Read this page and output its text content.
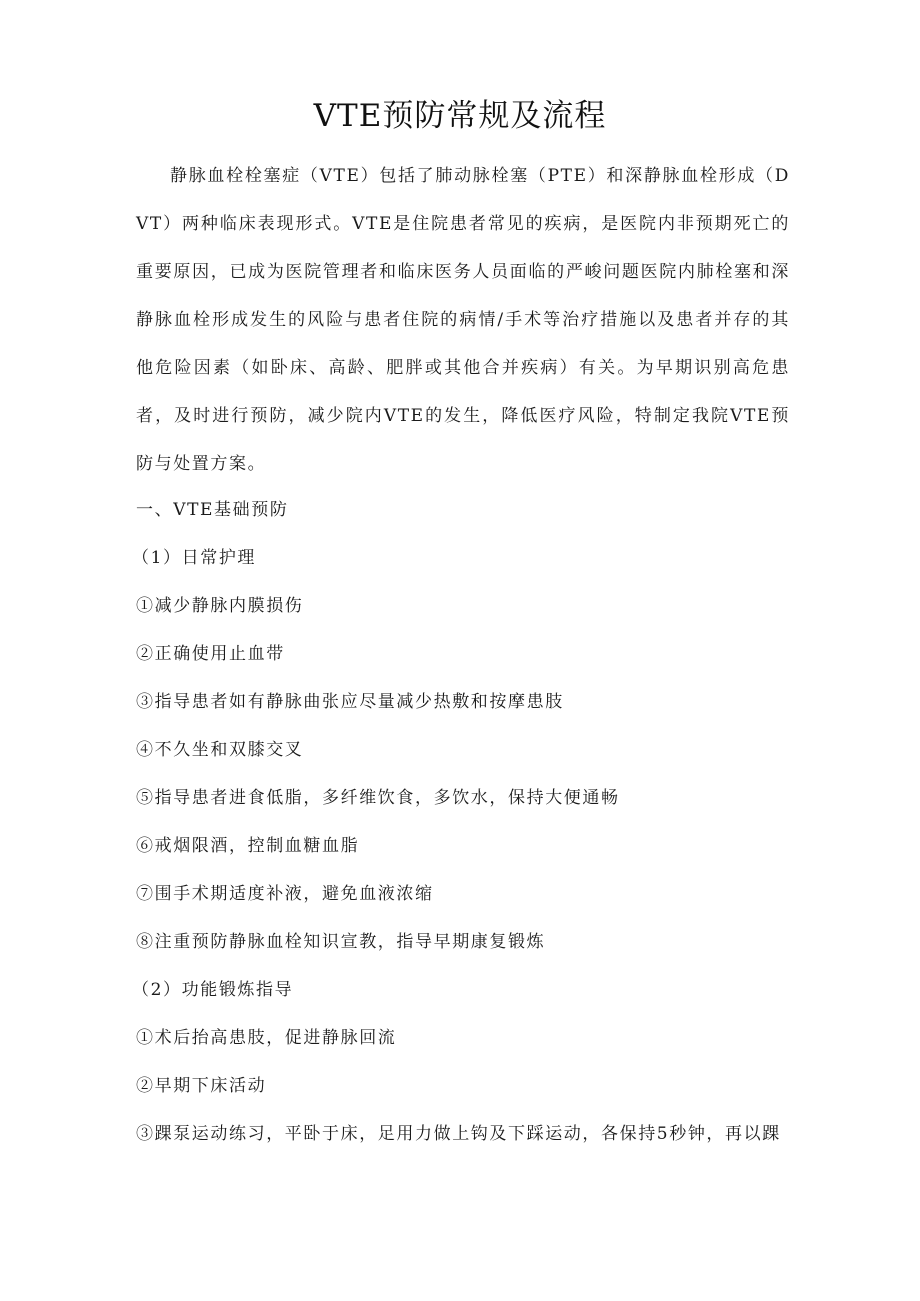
VTE预防常规及流程

静脉血栓栓塞症（VTE）包括了肺动脉栓塞（PTE）和深静脉血栓形成（DVT）两种临床表现形式。VTE是住院患者常见的疾病，是医院内非预期死亡的重要原因，已成为医院管理者和临床医务人员面临的严峻问题医院内肺栓塞和深静脉血栓形成发生的风险与患者住院的病情/手术等治疗措施以及患者并存的其他危险因素（如卧床、高龄、肥胖或其他合并疾病）有关。为早期识别高危患者，及时进行预防，减少院内VTE的发生，降低医疗风险，特制定我院VTE预防与处置方案。

一、VTE基础预防
（1）日常护理
①减少静脉内膜损伤
②正确使用止血带
③指导患者如有静脉曲张应尽量减少热敷和按摩患肢
④不久坐和双膝交叉
⑤指导患者进食低脂，多纤维饮食，多饮水，保持大便通畅
⑥戒烟限酒，控制血糖血脂
⑦围手术期适度补液，避免血液浓缩
⑧注重预防静脉血栓知识宣教，指导早期康复锻炼
（2）功能锻炼指导
①术后抬高患肢，促进静脉回流
②早期下床活动
③踝泵运动练习，平卧于床，足用力做上钩及下踩运动，各保持5秒钟，再以踝
